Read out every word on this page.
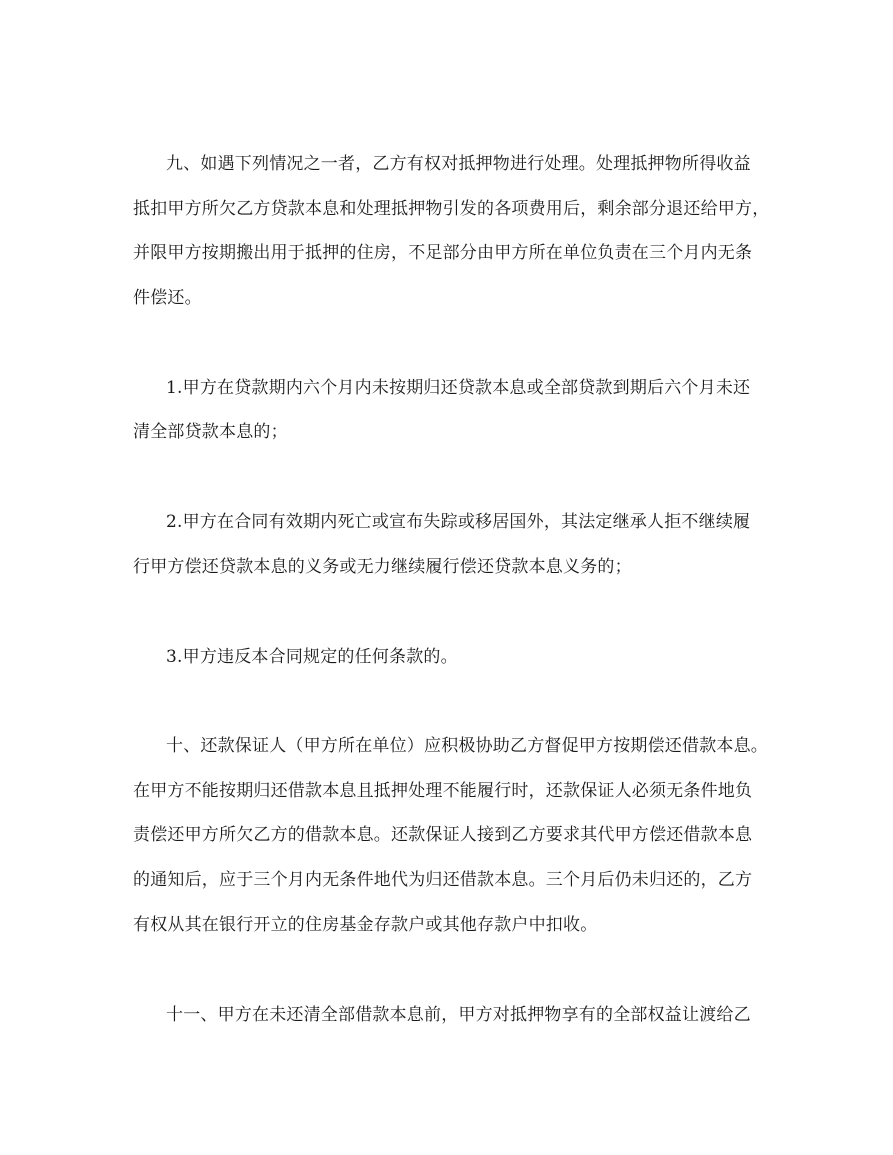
九、如遇下列情况之一者，乙方有权对抵押物进行处理。处理抵押物所得收益
抵扣甲方所欠乙方贷款本息和处理抵押物引发的各项费用后，剩余部分退还给甲方，
并限甲方按期搬出用于抵押的住房，不足部分由甲方所在单位负责在三个月内无条
件偿还。
1.甲方在贷款期内六个月内未按期归还贷款本息或全部贷款到期后六个月未还
清全部贷款本息的；
2.甲方在合同有效期内死亡或宣布失踪或移居国外，其法定继承人拒不继续履
行甲方偿还贷款本息的义务或无力继续履行偿还贷款本息义务的；
3.甲方违反本合同规定的任何条款的。
十、还款保证人（甲方所在单位）应积极协助乙方督促甲方按期偿还借款本息。
在甲方不能按期归还借款本息且抵押处理不能履行时，还款保证人必须无条件地负
责偿还甲方所欠乙方的借款本息。还款保证人接到乙方要求其代甲方偿还借款本息
的通知后，应于三个月内无条件地代为归还借款本息。三个月后仍未归还的，乙方
有权从其在银行开立的住房基金存款户或其他存款户中扣收。
十一、甲方在未还清全部借款本息前，甲方对抵押物享有的全部权益让渡给乙
